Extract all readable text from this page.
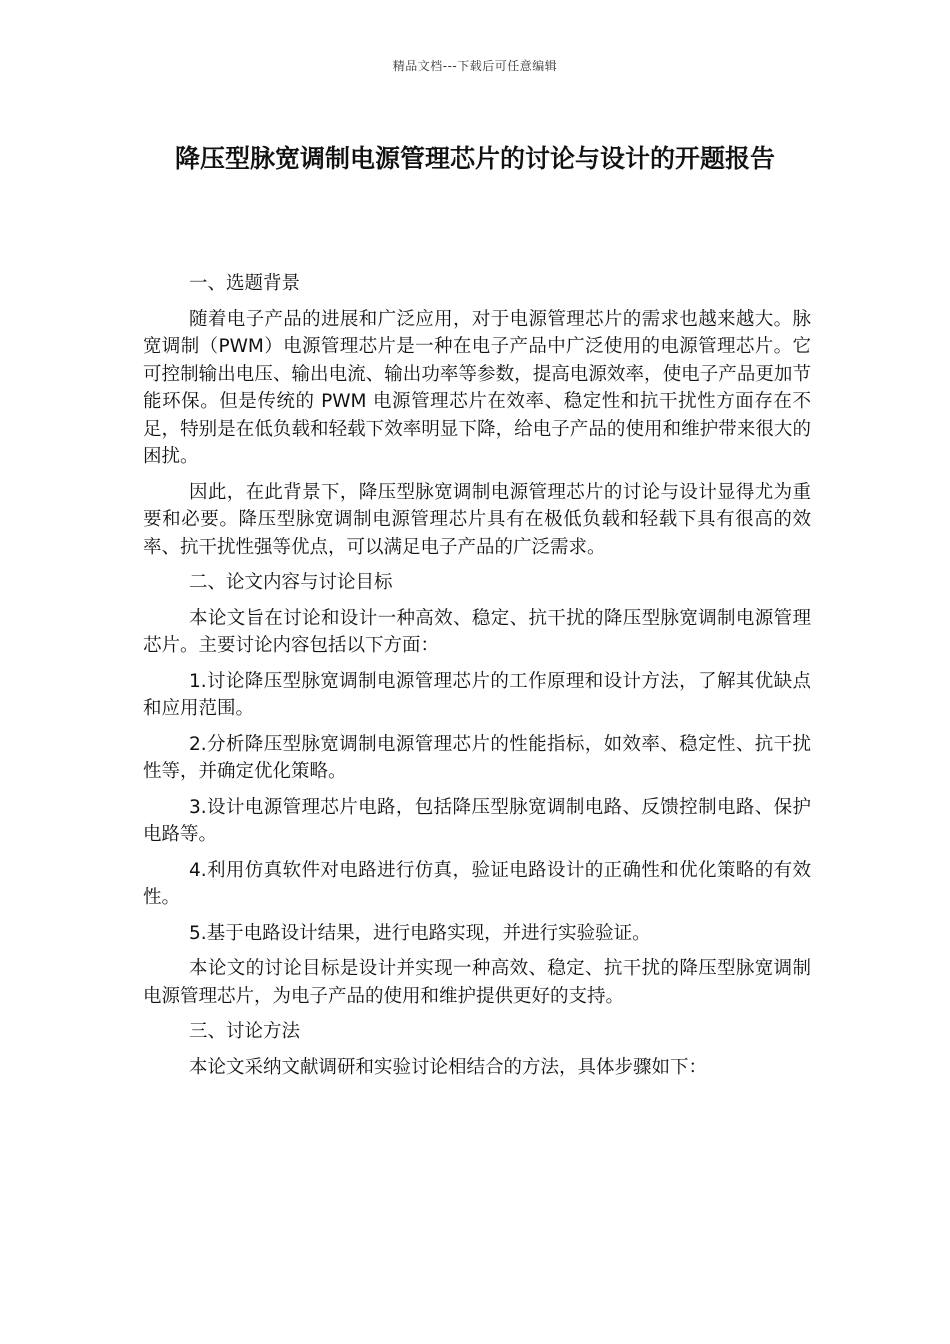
精品文档---下载后可任意编辑
降压型脉宽调制电源管理芯片的讨论与设计的开题报告

一、选题背景

随着电子产品的进展和广泛应用，对于电源管理芯片的需求也越来越大。脉宽调制（PWM）电源管理芯片是一种在电子产品中广泛使用的电源管理芯片。它可控制输出电压、输出电流、输出功率等参数，提高电源效率，使电子产品更加节能环保。但是传统的 PWM 电源管理芯片在效率、稳定性和抗干扰性方面存在不足，特别是在低负载和轻载下效率明显下降，给电子产品的使用和维护带来很大的困扰。

因此，在此背景下，降压型脉宽调制电源管理芯片的讨论与设计显得尤为重要和必要。降压型脉宽调制电源管理芯片具有在极低负载和轻载下具有很高的效率、抗干扰性强等优点，可以满足电子产品的广泛需求。

二、论文内容与讨论目标

本论文旨在讨论和设计一种高效、稳定、抗干扰的降压型脉宽调制电源管理芯片。主要讨论内容包括以下方面：

1.讨论降压型脉宽调制电源管理芯片的工作原理和设计方法，了解其优缺点和应用范围。

2.分析降压型脉宽调制电源管理芯片的性能指标，如效率、稳定性、抗干扰性等，并确定优化策略。

3.设计电源管理芯片电路，包括降压型脉宽调制电路、反馈控制电路、保护电路等。

4.利用仿真软件对电路进行仿真，验证电路设计的正确性和优化策略的有效性。

5.基于电路设计结果，进行电路实现，并进行实验验证。

本论文的讨论目标是设计并实现一种高效、稳定、抗干扰的降压型脉宽调制电源管理芯片，为电子产品的使用和维护提供更好的支持。

三、讨论方法

本论文采纳文献调研和实验讨论相结合的方法，具体步骤如下：
